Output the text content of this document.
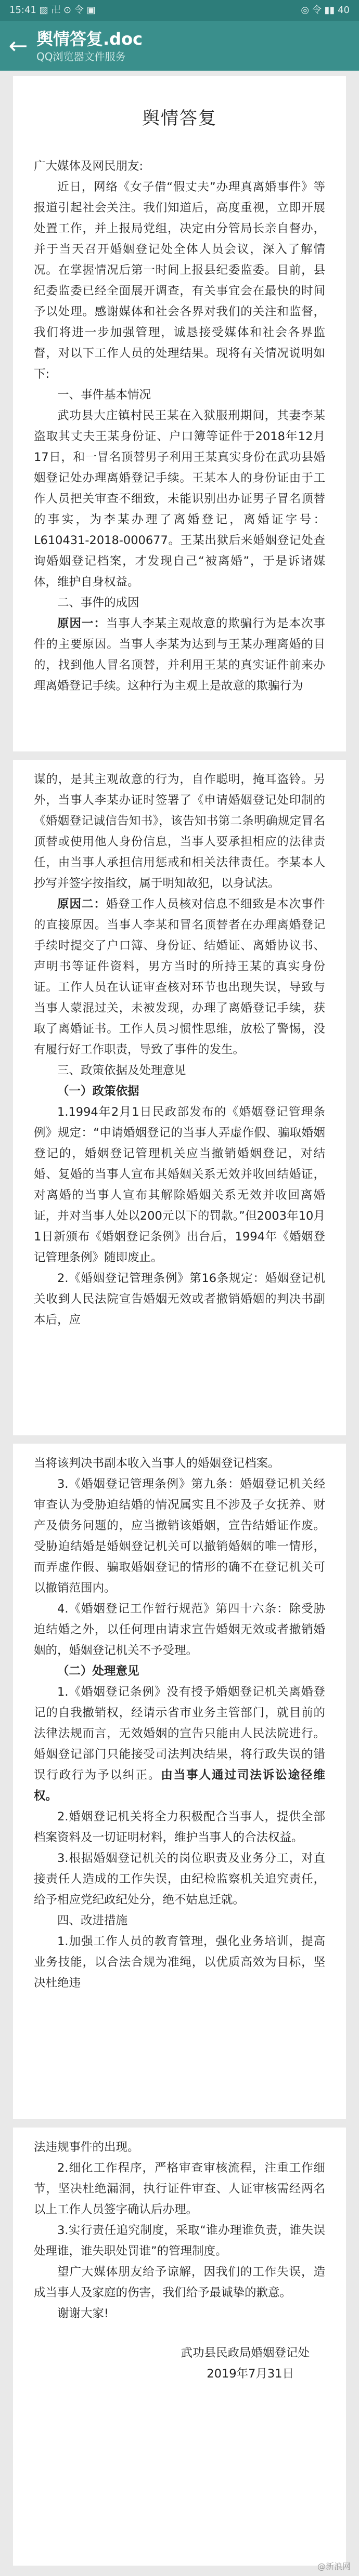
15:41 ▨ 卍 ⊙ 令 ▣	◎ 令 ▮▮ 40
← 舆情答复.doc
QQ浏览器文件服务

舆情答复

广大媒体及网民朋友:

近日，网络《女子借“假丈夫”办理真离婚事件》等报道引起社会关注。我们知道后，高度重视，立即开展处置工作，并上报局党组，决定由分管局长亲自督办，并于当天召开婚姻登记处全体人员会议，深入了解情况。在掌握情况后第一时间上报县纪委监委。目前，县纪委监委已经全面展开调查，有关事宜会在最快的时间予以处理。感谢媒体和社会各界对我们的关注和监督，我们将进一步加强管理，诚恳接受媒体和社会各界监督，对以下工作人员的处理结果。现将有关情况说明如下:

一、事件基本情况

武功县大庄镇村民王某在入狱服刑期间，其妻李某盗取其丈夫王某身份证、户口簿等证件于2018年12月17日，和一冒名顶替男子利用王某真实身份在武功县婚姻登记处办理离婚登记手续。王某本人的身份证由于工作人员把关审查不细致，未能识别出办证男子冒名顶替的事实，为李某办理了离婚登记，离婚证字号：L610431-2018-000677。王某出狱后来婚姻登记处查询婚姻登记档案，才发现自己“被离婚”，于是诉诸媒体，维护自身权益。

二、事件的成因

原因一：当事人李某主观故意的欺骗行为是本次事件的主要原因。当事人李某为达到与王某办理离婚的目的，找到他人冒名顶替，并利用王某的真实证件前来办理离婚登记手续。这种行为主观上是故意的欺骗行为

谋的，是其主观故意的行为，自作聪明，掩耳盗铃。另外，当事人李某办证时签署了《申请婚姻登记处印制的《婚姻登记诚信告知书》，该告知书第二条明确规定冒名顶替或使用他人身份信息，当事人要承担相应的法律责任，由当事人承担信用惩戒和相关法律责任。李某本人抄写并签字按指纹，属于明知故犯，以身试法。

原因二：婚登工作人员核对信息不细致是本次事件的直接原因。当事人李某和冒名顶替者在办理离婚登记手续时提交了户口簿、身份证、结婚证、离婚协议书、声明书等证件资料，男方当时的所持王某的真实身份证。工作人员在认证审查核对环节也出现失误，导致与当事人蒙混过关，未被发现，办理了离婚登记手续，获取了离婚证书。工作人员习惯性思维，放松了警惕，没有履行好工作职责，导致了事件的发生。

三、政策依据及处理意见

（一）政策依据

1.1994年2月1日民政部发布的《婚姻登记管理条例》规定：“申请婚姻登记的当事人弄虚作假、骗取婚姻登记的，婚姻登记管理机关应当撤销婚姻登记，对结婚、复婚的当事人宣布其婚姻关系无效并收回结婚证，对离婚的当事人宣布其解除婚姻关系无效并收回离婚证，并对当事人处以200元以下的罚款。”但2003年10月1日新颁布《婚姻登记条例》出台后，1994年《婚姻登记管理条例》随即废止。

2.《婚姻登记管理条例》第16条规定：婚姻登记机关收到人民法院宣告婚姻无效或者撤销婚姻的判决书副本后，应

当将该判决书副本收入当事人的婚姻登记档案。

3.《婚姻登记管理条例》第九条：婚姻登记机关经审查认为受胁迫结婚的情况属实且不涉及子女抚养、财产及债务问题的，应当撤销该婚姻，宣告结婚证作废。受胁迫结婚是婚姻登记机关可以撤销婚姻的唯一情形，而弄虚作假、骗取婚姻登记的情形的确不在登记机关可以撤销范围内。

4.《婚姻登记工作暂行规范》第四十六条：除受胁迫结婚之外，以任何理由请求宣告婚姻无效或者撤销婚姻的，婚姻登记机关不予受理。

（二）处理意见

1.《婚姻登记条例》没有授予婚姻登记机关离婚登记的自我撤销权，经请示省市业务主管部门，就目前的法律法规而言，无效婚姻的宣告只能由人民法院进行。婚姻登记部门只能接受司法判决结果，将行政失误的错误行政行为予以纠正。由当事人通过司法诉讼途径维权。

2.婚姻登记机关将全力积极配合当事人，提供全部档案资料及一切证明材料，维护当事人的合法权益。

3.根据婚姻登记机关的岗位职责及业务分工，对直接责任人造成的工作失误，由纪检监察机关追究责任，给予相应党纪政纪处分，绝不姑息迁就。

四、改进措施

1.加强工作人员的教育管理，强化业务培训，提高业务技能，以合法合规为准绳，以优质高效为目标，坚决杜绝违

法违规事件的出现。

2.细化工作程序，严格审查审核流程，注重工作细节，坚决杜绝漏洞，执行证件审查、人证审核需经两名以上工作人员签字确认后办理。

3.实行责任追究制度，采取“谁办理谁负责，谁失误处理谁，谁失职处罚谁”的管理制度。

望广大媒体朋友给予谅解，因我们的工作失误，造成当事人及家庭的伤害，我们给予最诚挚的歉意。

谢谢大家!

武功县民政局婚姻登记处

2019年7月31日

@新浪网
